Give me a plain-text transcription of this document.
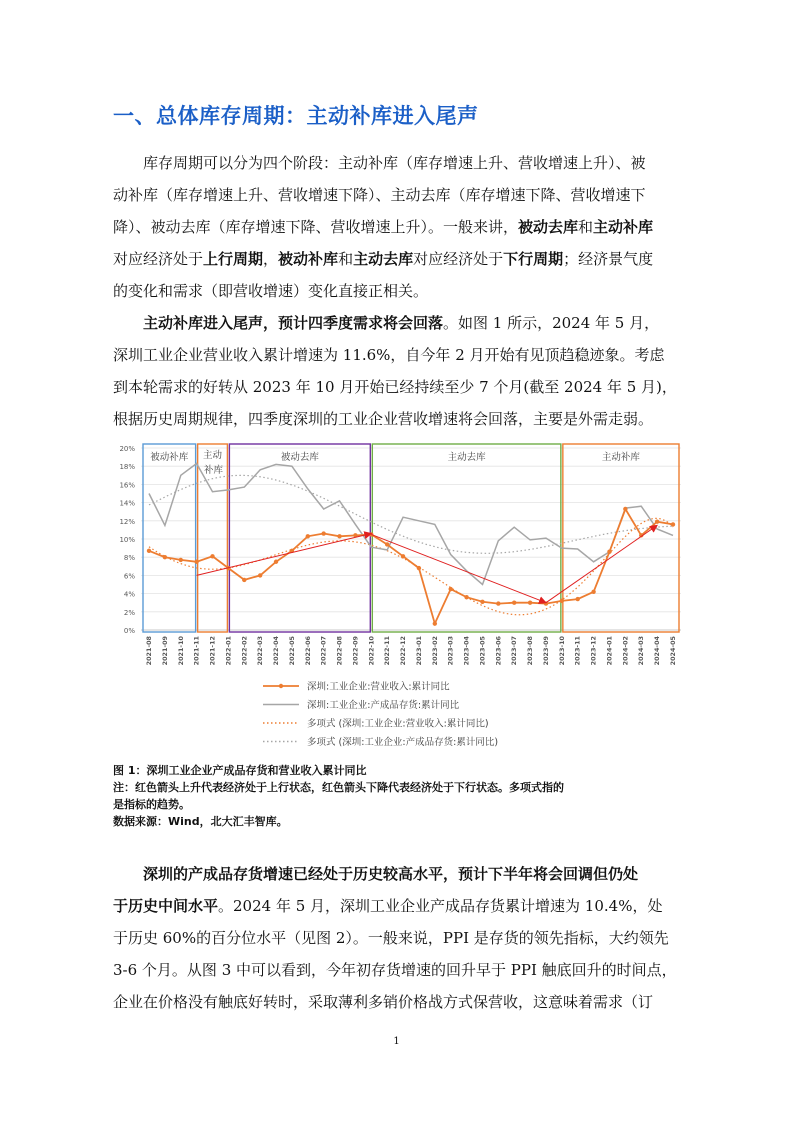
一、总体库存周期：主动补库进入尾声
库存周期可以分为四个阶段：主动补库（库存增速上升、营收增速上升）、被
动补库（库存增速上升、营收增速下降）、主动去库（库存增速下降、营收增速下
降）、被动去库（库存增速下降、营收增速上升）。一般来讲，被动去库和主动补库
对应经济处于上行周期，被动补库和主动去库对应经济处于下行周期；经济景气度
的变化和需求（即营收增速）变化直接正相关。
主动补库进入尾声，预计四季度需求将会回落。如图 1 所示，2024 年 5 月，
深圳工业企业营业收入累计增速为 11.6%，自今年 2 月开始有见顶趋稳迹象。考虑
到本轮需求的好转从 2023 年 10 月开始已经持续至少 7 个月(截至 2024 年 5 月)，
根据历史周期规律，四季度深圳的工业企业营收增速将会回落，主要是外需走弱。
0%
2%
4%
6%
8%
10%
12%
14%
16%
18%
20%
2021-08 2021-09 2021-10 2021-11 2021-12 2022-01 2022-02 2022-03 2022-04 2022-05 2022-06 2022-07 2022-08 2022-09 2022-10 2022-11 2022-12 2023-01 2023-02 2023-03 2023-04 2023-05 2023-06 2023-07 2023-08 2023-09 2023-10 2023-11 2023-12 2024-01 2024-02 2024-03 2024-04 2024-05
被动补库 主动补库
被动去库	主动去库	主动补库
深圳:工业企业:营业收入:累计同比
深圳:工业企业:产成品存货:累计同比
多项式 (深圳:工业企业:营业收入:累计同比)
多项式 (深圳:工业企业:产成品存货:累计同比)
图 1：深圳工业企业产成品存货和营业收入累计同比
注：红色箭头上升代表经济处于上行状态，红色箭头下降代表经济处于下行状态。多项式指的
是指标的趋势。
数据来源：Wind，北大汇丰智库。
深圳的产成品存货增速已经处于历史较高水平，预计下半年将会回调但仍处
于历史中间水平。2024 年 5 月，深圳工业企业产成品存货累计增速为 10.4%，处
于历史 60%的百分位水平（见图 2）。一般来说，PPI 是存货的领先指标，大约领先
3-6 个月。从图 3 中可以看到，今年初存货增速的回升早于 PPI 触底回升的时间点，
企业在价格没有触底好转时，采取薄利多销价格战方式保营收，这意味着需求（订
1
